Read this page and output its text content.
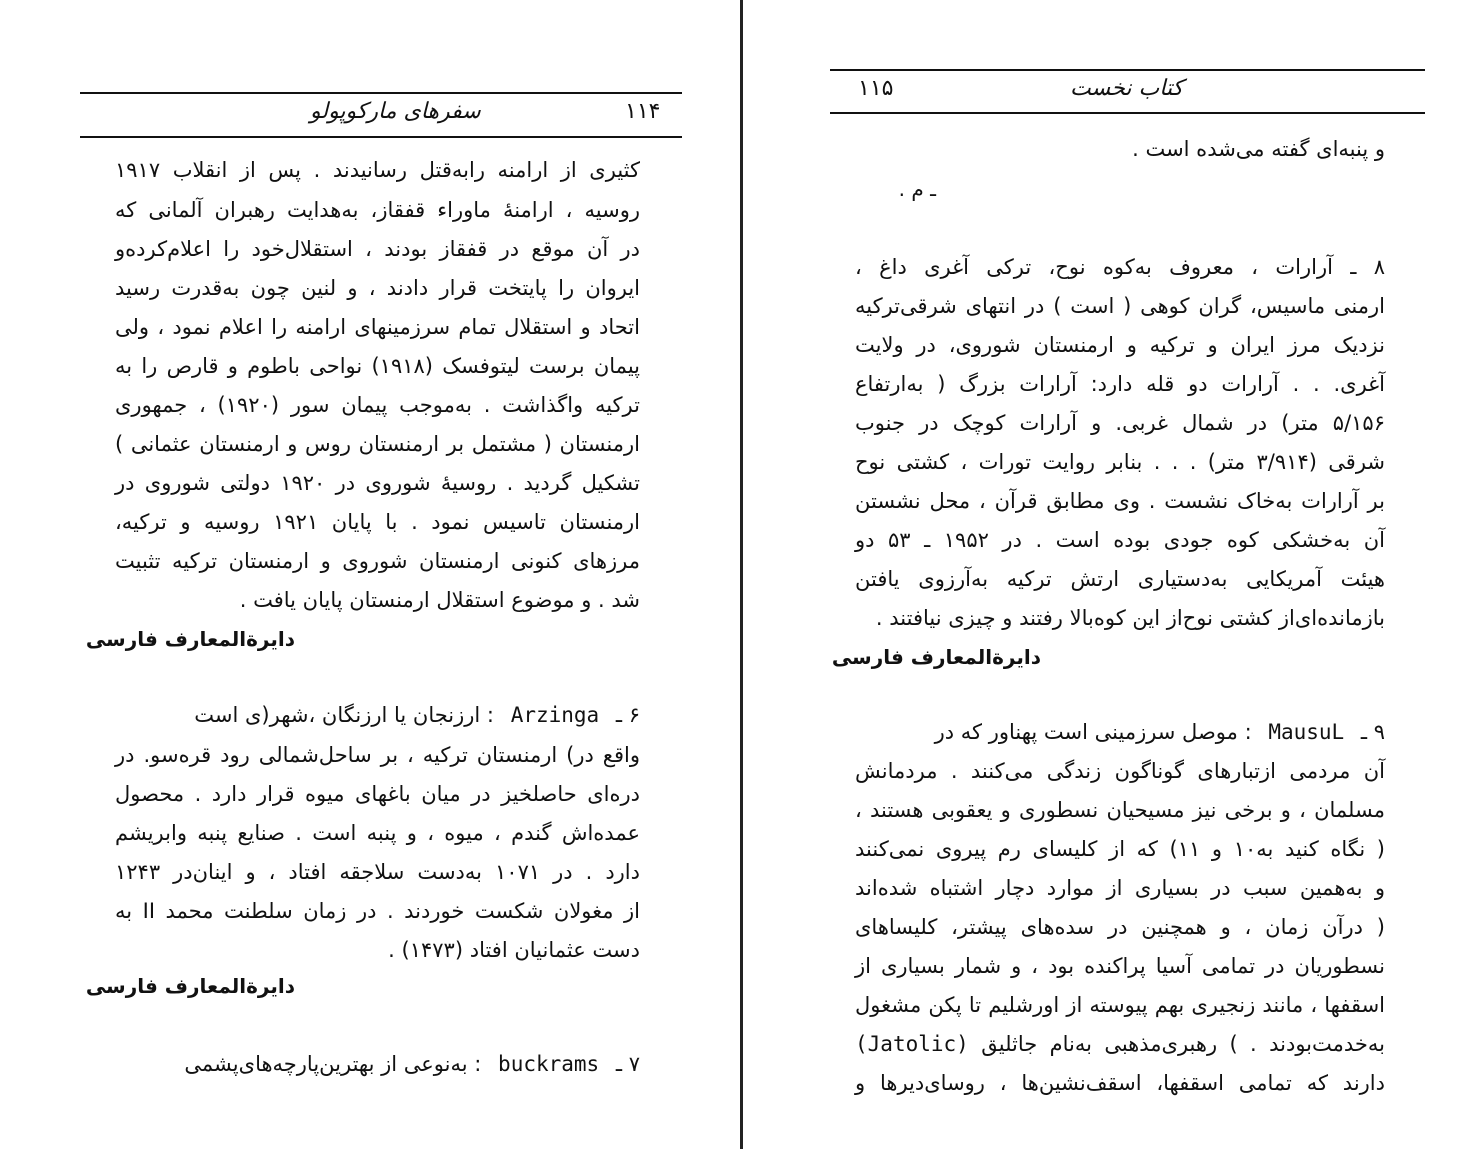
۱۱۴
سفرهای مارکوپولو
کثیری از ارامنه رابه‌قتل رسانیدند . پس از انقلاب ۱۹۱۷
روسیه ، ارامنهٔ ماوراء قفقاز، به‌هدایت رهبران آلمانی که
در آن موقع در قفقاز بودند ، استقلال‌خود را اعلام‌کرده‌و
ایروان را پایتخت قرار دادند ، و لنین چون به‌قدرت رسید
اتحاد و استقلال تمام سرزمینهای ارامنه را اعلام نمود ، ولی
پیمان برست لیتوفسک (۱۹۱۸) نواحی باطوم و قارص را به
ترکیه واگذاشت . به‌موجب پیمان سور (۱۹۲۰) ، جمهوری
ارمنستان ( مشتمل بر ارمنستان روس و ارمنستان عثمانی )
تشکیل گردید . روسیهٔ شوروی در ۱۹۲۰ دولتی شوروی در
ارمنستان تاسیس نمود . با پایان ۱۹۲۱ روسیه و ترکیه،
مرزهای کنونی ارمنستان شوروی و ارمنستان ترکیه تثبیت
شد . و موضوع استقلال ارمنستان پایان یافت .
دایرةالمعارف فارسی
۶ ـ Arzinga : ارزنجان یا ارزنگان ،شهر(ی است
واقع در) ارمنستان ترکیه ، بر ساحل‌شمالی رود قره‌سو. در
دره‌ای حاصلخیز در میان باغهای میوه قرار دارد . محصول
عمده‌اش گندم ، میوه ، و پنبه است . صنایع پنبه وابریشم
دارد . در ۱۰۷۱ به‌دست سلاجقه افتاد ، و اینان‌در ۱۲۴۳
از مغولان شکست خوردند . در زمان سلطنت محمد II به
دست عثمانیان افتاد (۱۴۷۳) .
دایرةالمعارف فارسی
۷ ـ buckrams : به‌نوعی از بهترین‌پارچه‌های‌پشمی
۱۱۵	کتاب نخست
و پنبه‌ای گفته می‌شده است .
ـ م .
۸ ـ آرارات ، معروف به‌کوه نوح، ترکی آغری داغ ،
ارمنی ماسیس، گران کوهی ( است ) در انتهای شرقی‌ترکیه
نزدیک مرز ایران و ترکیه و ارمنستان شوروی، در ولایت
آغری. . . آرارات دو قله دارد: آرارات بزرگ ( به‌ارتفاع
۵/۱۵۶ متر) در شمال غربی. و آرارات کوچک در جنوب
شرقی (۳/۹۱۴ متر) . . . بنابر روایت تورات ، کشتی نوح
بر آرارات به‌خاک نشست . وی مطابق قرآن ، محل نشستن
آن به‌خشکی کوه جودی بوده است . در ۱۹۵۲ ـ ۵۳ دو
هیئت آمریکایی به‌دستیاری ارتش ترکیه به‌آرزوی یافتن
بازمانده‌ای‌از کشتی نوح‌از این کوه‌بالا رفتند و چیزی نیافتند .
دایرةالمعارف فارسی
۹ ـ MausuL : موصل سرزمینی است پهناور که در
آن مردمی ازتبارهای گوناگون زندگی می‌کنند . مردمانش
مسلمان ، و برخی نیز مسیحیان نسطوری و یعقوبی هستند ،
( نگاه کنید به‌۱۰ و ۱۱) که از کلیسای رم پیروی نمی‌کنند
و به‌همین سبب در بسیاری از موارد دچار اشتباه شده‌اند
( درآن زمان ، و همچنین در سده‌های پیشتر، کلیساهای
نسطوریان در تمامی آسیا پراکنده بود ، و شمار بسیاری از
اسقفها ، مانند زنجیری بهم پیوسته از اورشلیم تا پکن مشغول
به‌خدمت‌بودند . ) رهبری‌مذهبی به‌نام جاثلیق (Jatolic)
دارند که تمامی اسقفها، اسقف‌نشین‌ها ، روسای‌دیرها و
